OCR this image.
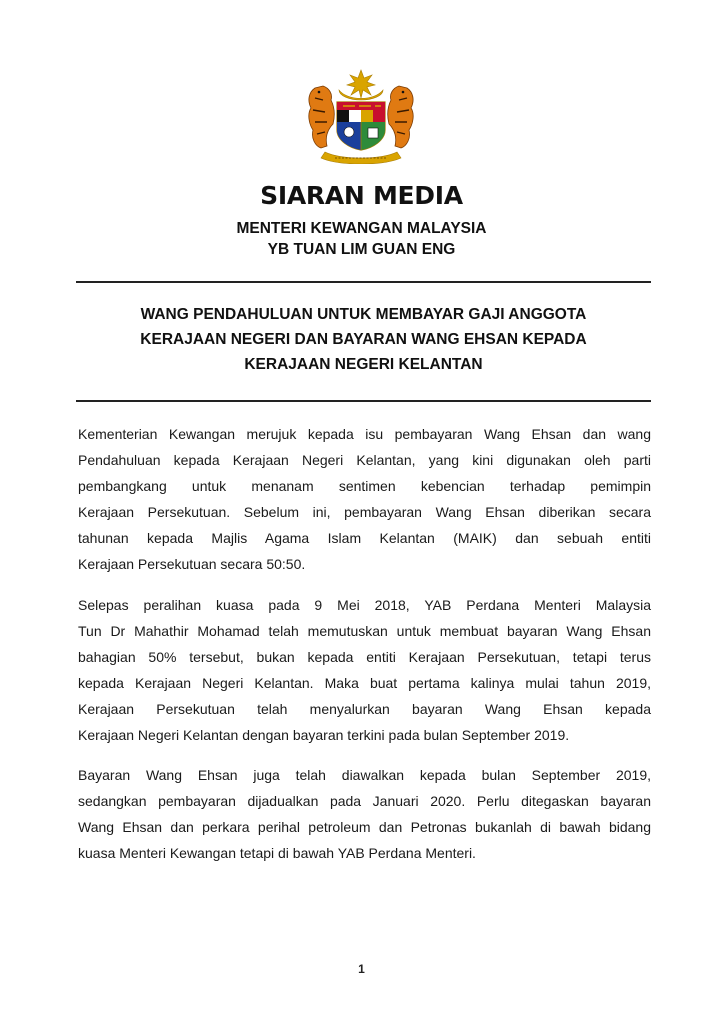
SIARAN MEDIA
MENTERI KEWANGAN MALAYSIA
YB TUAN LIM GUAN ENG
WANG PENDAHULUAN UNTUK MEMBAYAR GAJI ANGGOTA
KERAJAAN NEGERI DAN BAYARAN WANG EHSAN KEPADA
KERAJAAN NEGERI KELANTAN
Kementerian Kewangan merujuk kepada isu pembayaran Wang Ehsan dan wang
Pendahuluan kepada Kerajaan Negeri Kelantan, yang kini digunakan oleh parti
pembangkang untuk menanam sentimen kebencian terhadap pemimpin
Kerajaan Persekutuan. Sebelum ini, pembayaran Wang Ehsan diberikan secara
tahunan kepada Majlis Agama Islam Kelantan (MAIK) dan sebuah entiti
Kerajaan Persekutuan secara 50:50.
Selepas peralihan kuasa pada 9 Mei 2018, YAB Perdana Menteri Malaysia
Tun Dr Mahathir Mohamad telah memutuskan untuk membuat bayaran Wang Ehsan
bahagian 50% tersebut, bukan kepada entiti Kerajaan Persekutuan, tetapi terus
kepada Kerajaan Negeri Kelantan. Maka buat pertama kalinya mulai tahun 2019,
Kerajaan Persekutuan telah menyalurkan bayaran Wang Ehsan kepada
Kerajaan Negeri Kelantan dengan bayaran terkini pada bulan September 2019.
Bayaran Wang Ehsan juga telah diawalkan kepada bulan September 2019,
sedangkan pembayaran dijadualkan pada Januari 2020. Perlu ditegaskan bayaran
Wang Ehsan dan perkara perihal petroleum dan Petronas bukanlah di bawah bidang
kuasa Menteri Kewangan tetapi di bawah YAB Perdana Menteri.
1
